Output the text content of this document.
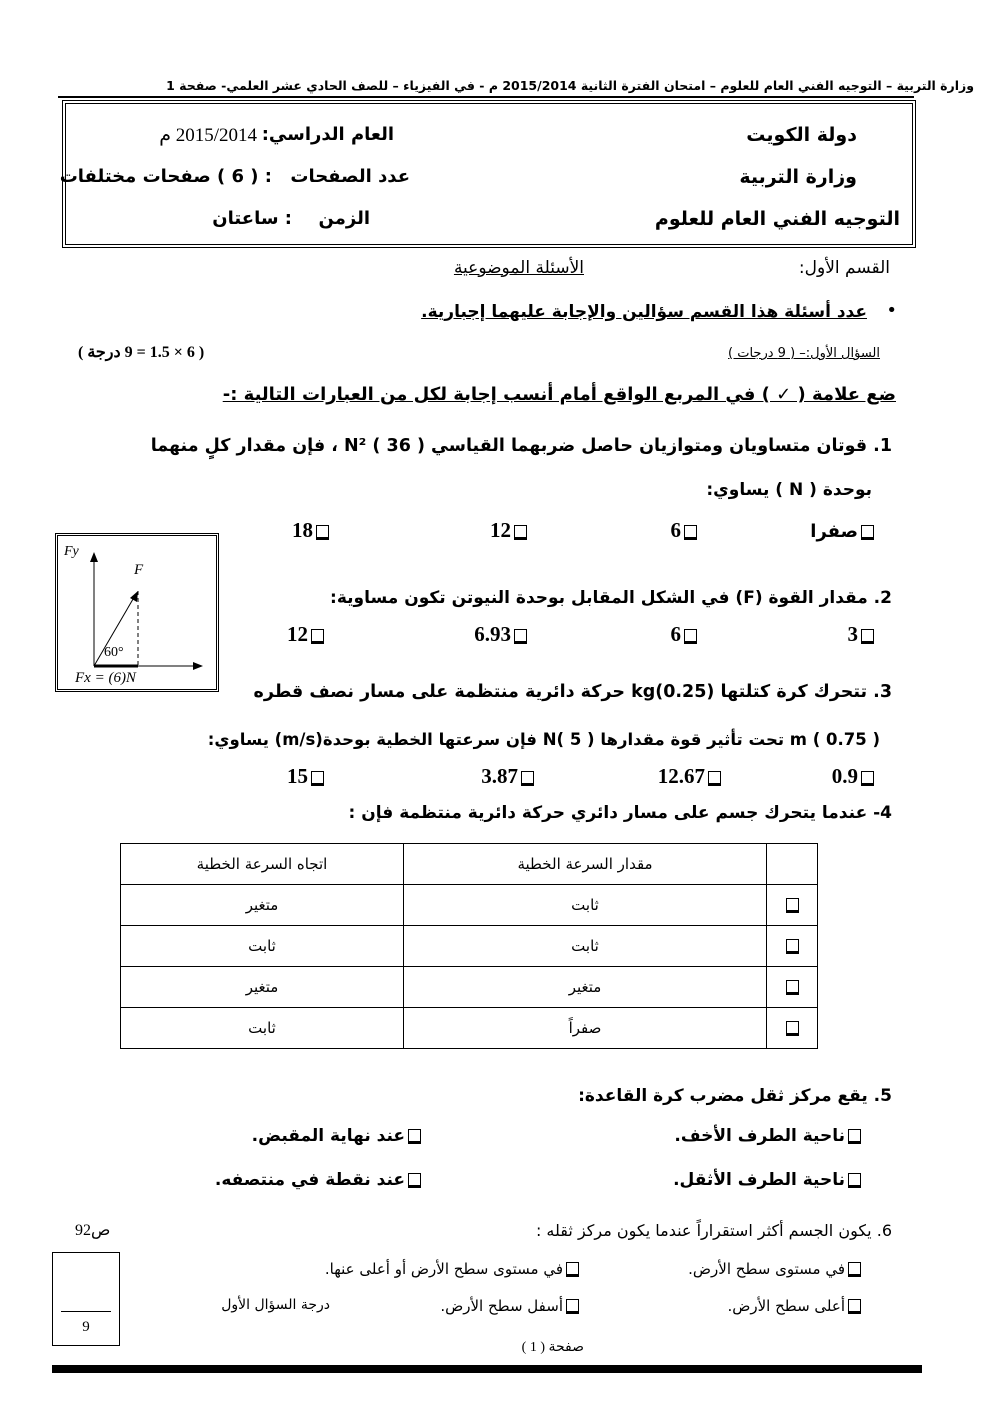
وزارة التربية – التوجيه الفني العام للعلوم – امتحان الفترة الثانية 2015/2014 م - في الفيزياء – للصف الحادي عشر العلمي- صفحة 1
دولة الكويت
وزارة التربية
التوجيه الفني العام للعلوم
العام الدراسي:
2015/2014 م
عدد الصفحات
: ( 6 ) صفحات مختلفات
الزمن
: ساعتان
القسم الأول:
الأسئلة الموضوعية
•
عدد أسئلة هذا القسم سؤالين والإجابة عليهما إجبارية.
السؤال الأول:– ( 9 درجات )
( 6 × 1.5 = 9 درجة )
ضع علامة ( ✓ ) في المربع الواقع أمام أنسب إجابة لكل من العبارات التالية :-
1. قوتان متساويان ومتوازيان حاصل ضربهما القياسي N² ( 36 ) ، فإن مقدار كلٍ منهما
بوحدة ( N ) يساوي:
صفرا
6
12
18
Fy
F
60°
Fx = (6)N
2. مقدار القوة (F) في الشكل المقابل بوحدة النيوتن تكون مساوية:
3
6
6.93
12
3. تتحرك كرة كتلتها kg(0.25) حركة دائرية منتظمة على مسار نصف قطره
m ( 0.75 ) تحت تأثير قوة مقدارها N( 5 ) فإن سرعتها الخطية بوحدة(m/s) يساوي:
0.9
12.67
3.87
15
4- عندما يتحرك جسم على مسار دائري حركة دائرية منتظمة فإن :
	مقدار السرعة الخطية	اتجاه السرعة الخطية
	ثابت	متغير
	ثابت	ثابت
	متغير	متغير
	صفراً	ثابت
5. يقع مركز ثقل مضرب كرة القاعدة:
ناحية الطرف الأخف.
عند نهاية المقبض.
ناحية الطرف الأثقل.
عند نقطة في منتصفه.
6. يكون الجسم أكثر استقراراً عندما يكون مركز ثقله :
ص92
في مستوى سطح الأرض.
في مستوى سطح الأرض أو أعلى عنها.
أعلى سطح الأرض.
أسفل سطح الأرض.
9
درجة السؤال الأول
صفحة ( 1 )
